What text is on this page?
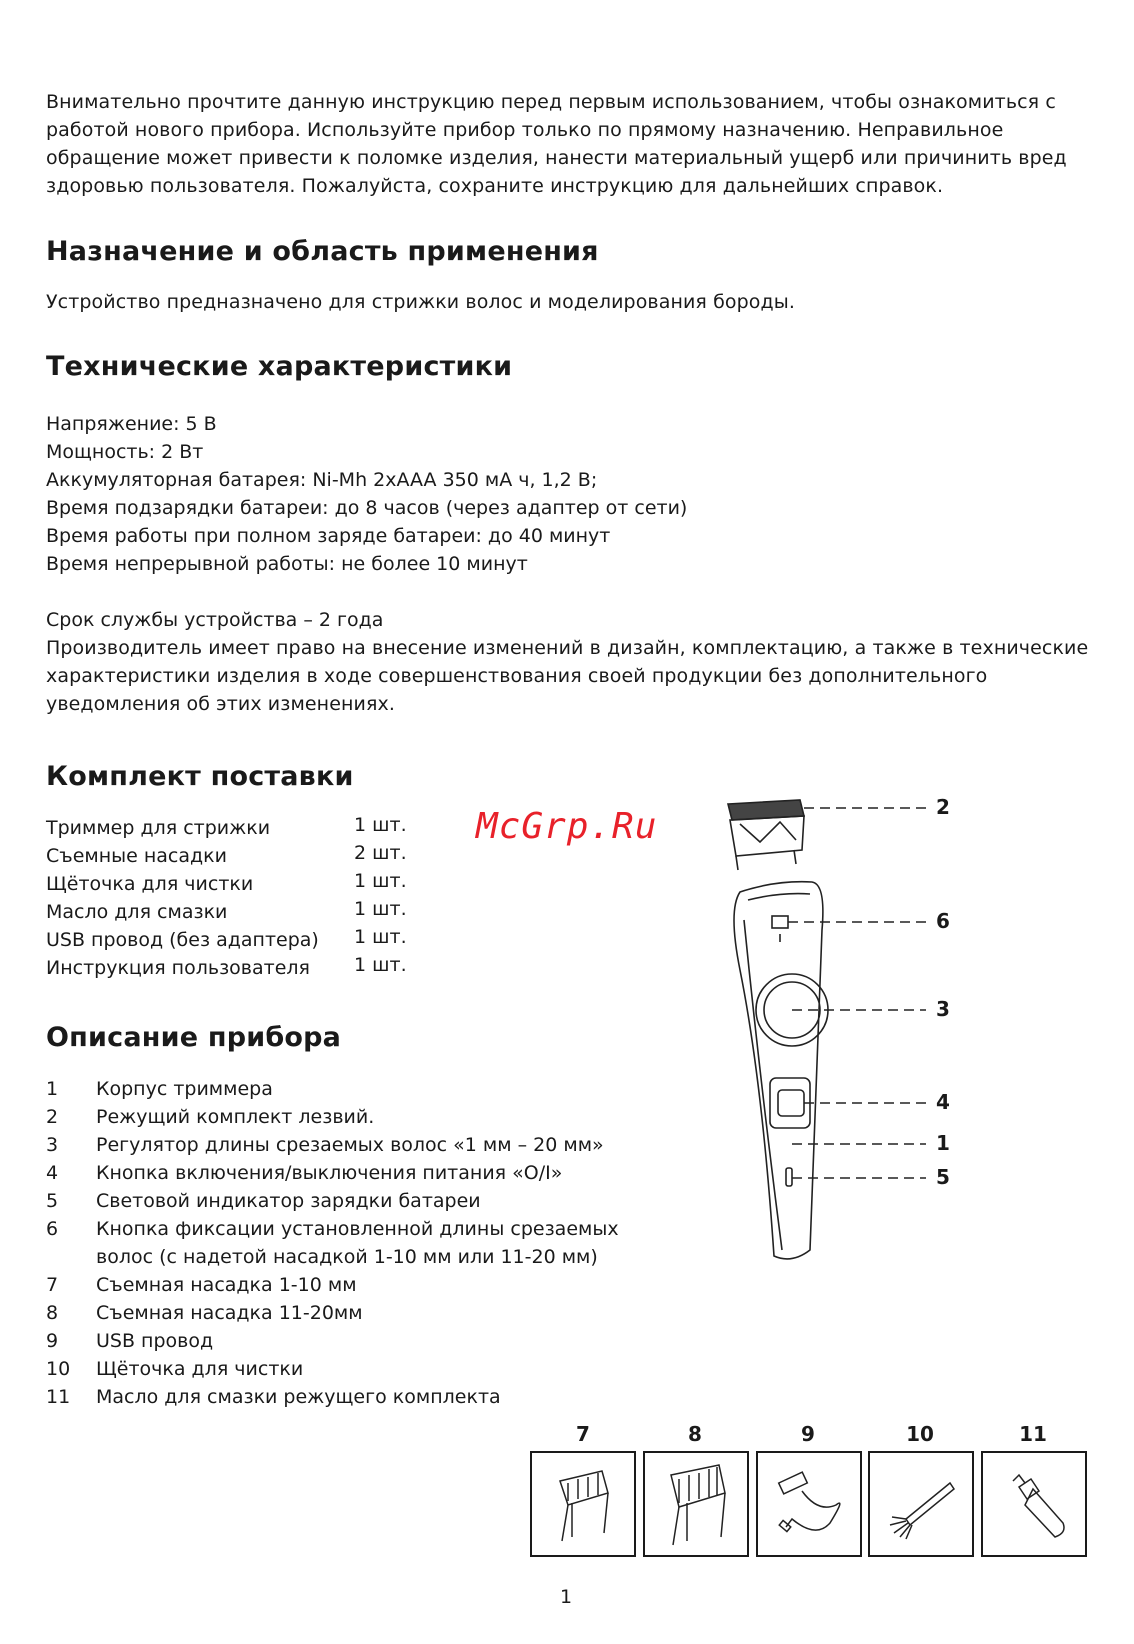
Внимательно прочтите данную инструкцию перед первым использованием, чтобы ознакомиться с работой нового прибора. Используйте прибор только по прямому назначению. Неправильное обращение может привести к поломке изделия, нанести материальный ущерб или причинить вред здоровью пользователя. Пожалуйста, сохраните инструкцию для дальнейших справок.
Назначение и область применения
Устройство предназначено для стрижки волос и моделирования бороды.
Технические характеристики
Напряжение: 5 В
Мощность: 2 Вт
Аккумуляторная батарея: Ni-Mh 2xAAA 350 мА ч, 1,2 В;
Время подзарядки батареи: до 8 часов (через адаптер от сети)
Время работы при полном заряде батареи: до 40 минут
Время непрерывной работы: не более 10 минут
Срок службы устройства – 2 года
Производитель имеет право на внесение изменений в дизайн, комплектацию, а также в технические характеристики изделия в ходе совершенствования своей продукции без дополнительного уведомления об этих изменениях.
Комплект поставки
Триммер для стрижки	1 шт.
Съемные насадки	2 шт.
Щёточка для чистки	1 шт.
Масло для смазки	1 шт.
USB провод (без адаптера) 1 шт.
Инструкция пользователя 1 шт.
McGrp.Ru
Описание прибора
1 Корпус триммера
2 Режущий комплект лезвий.
3 Регулятор длины срезаемых волос «1 мм – 20 мм»
4 Кнопка включения/выключения питания «O/I»
5 Световой индикатор зарядки батареи
6 Кнопка фиксации установленной длины срезаемых
волос (с надетой насадкой 1-10 мм или 11-20 мм)
7 Съемная насадка 1-10 мм
8 Съемная насадка 11-20мм
9 USB провод
10 Щёточка для чистки
11 Масло для смазки режущего комплекта
2
6
3
4
1
5
7	8	9	10	11
1
